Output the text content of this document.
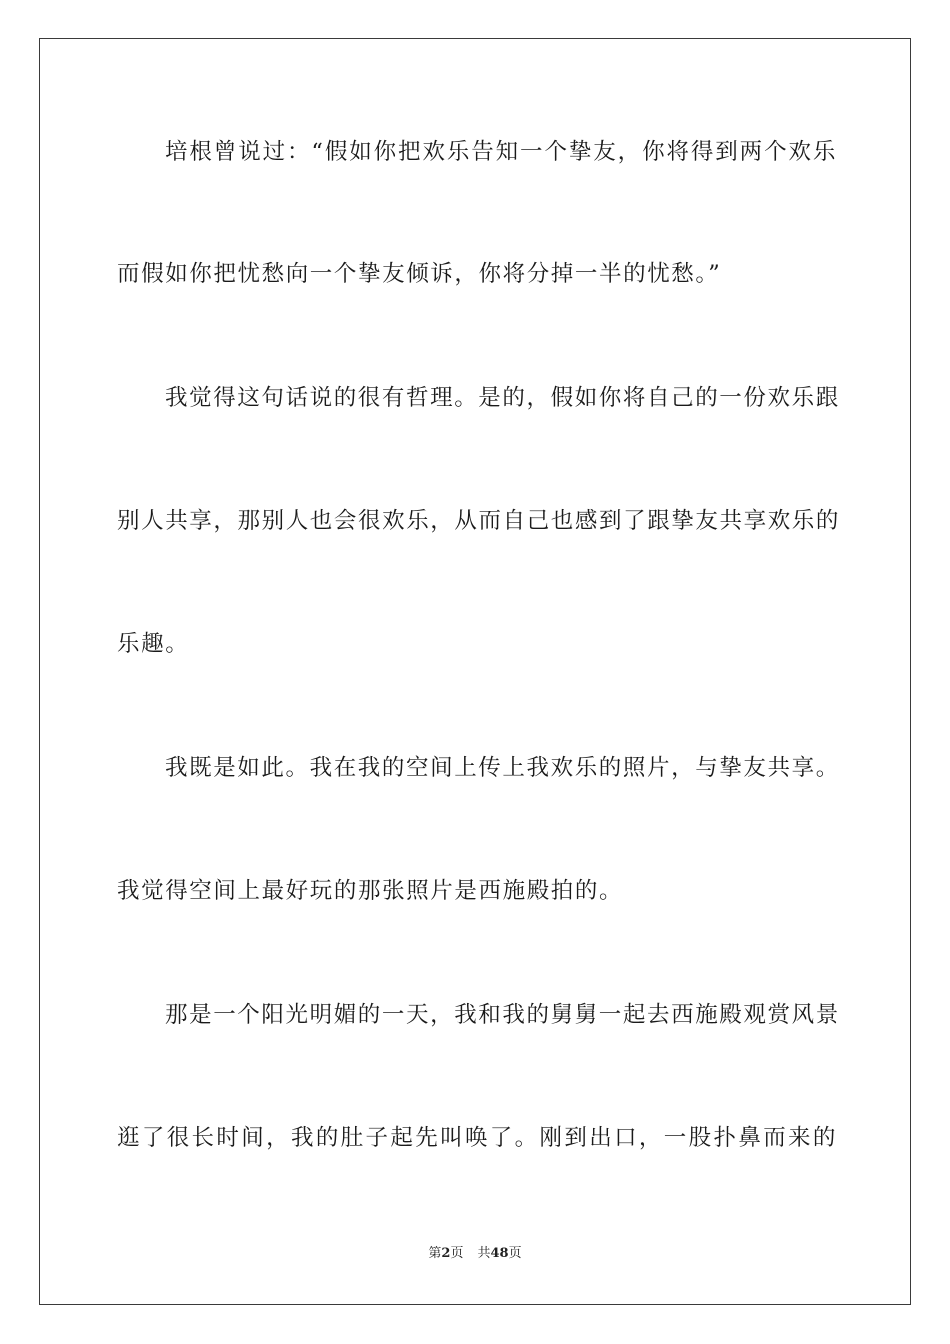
培根曾说过：“假如你把欢乐告知一个挚友，你将得到两个欢乐
而假如你把忧愁向一个挚友倾诉，你将分掉一半的忧愁。”
我觉得这句话说的很有哲理。是的，假如你将自己的一份欢乐跟
别人共享，那别人也会很欢乐，从而自己也感到了跟挚友共享欢乐的
乐趣。
我既是如此。我在我的空间上传上我欢乐的照片，与挚友共享。
我觉得空间上最好玩的那张照片是西施殿拍的。
那是一个阳光明媚的一天，我和我的舅舅一起去西施殿观赏风景
逛了很长时间，我的肚子起先叫唤了。刚到出口，一股扑鼻而来的
第2页 共48页
